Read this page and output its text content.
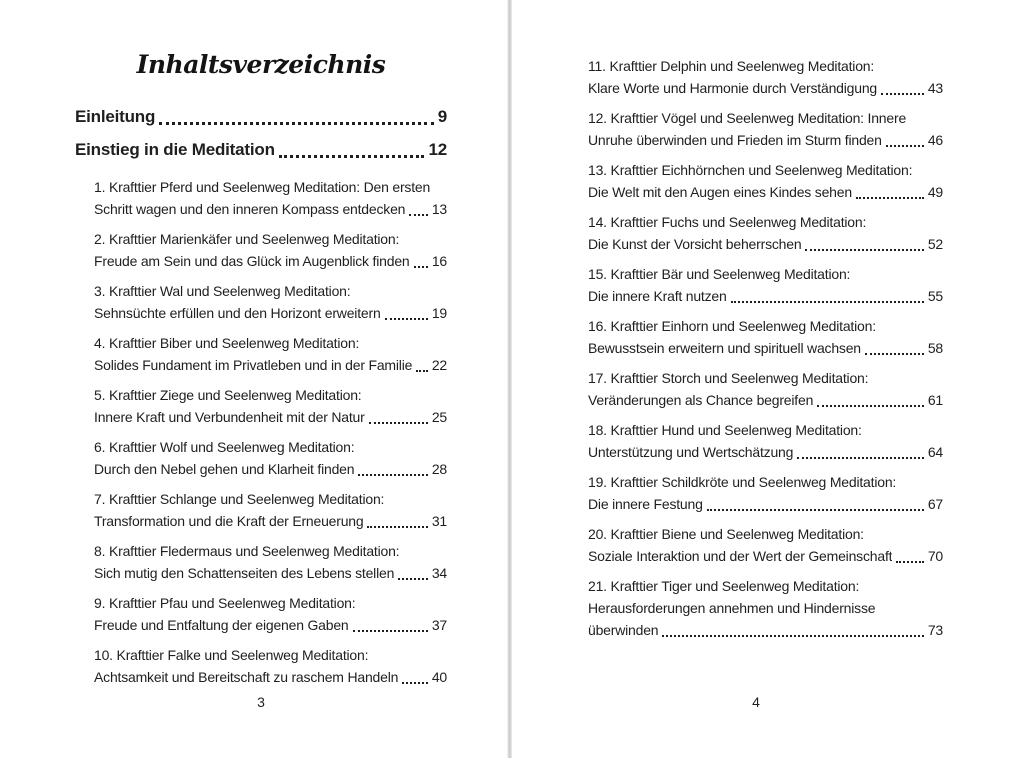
Inhaltsverzeichnis
Einleitung	9
Einstieg in die Meditation	12
1. Krafttier Pferd und Seelenweg Meditation: Den ersten
Schritt wagen und den inneren Kompass entdecken 13
2. Krafttier Marienkäfer und Seelenweg Meditation:
Freude am Sein und das Glück im Augenblick finden 16
3. Krafttier Wal und Seelenweg Meditation:
Sehnsüchte erfüllen und den Horizont erweitern	19
4. Krafttier Biber und Seelenweg Meditation:
Solides Fundament im Privatleben und in der Familie 22
5. Krafttier Ziege und Seelenweg Meditation:
Innere Kraft und Verbundenheit mit der Natur	25
6. Krafttier Wolf und Seelenweg Meditation:
Durch den Nebel gehen und Klarheit finden	28
7. Krafttier Schlange und Seelenweg Meditation:
Transformation und die Kraft der Erneuerung	31
8. Krafttier Fledermaus und Seelenweg Meditation:
Sich mutig den Schattenseiten des Lebens stellen	34
9. Krafttier Pfau und Seelenweg Meditation:
Freude und Entfaltung der eigenen Gaben	37
10. Krafttier Falke und Seelenweg Meditation:
Achtsamkeit und Bereitschaft zu raschem Handeln 40
3
11. Krafttier Delphin und Seelenweg Meditation:
Klare Worte und Harmonie durch Verständigung	43
12. Krafttier Vögel und Seelenweg Meditation: Innere
Unruhe überwinden und Frieden im Sturm finden	46
13. Krafttier Eichhörnchen und Seelenweg Meditation:
Die Welt mit den Augen eines Kindes sehen	49
14. Krafttier Fuchs und Seelenweg Meditation:
Die Kunst der Vorsicht beherrschen	52
15. Krafttier Bär und Seelenweg Meditation:
Die innere Kraft nutzen	55
16. Krafttier Einhorn und Seelenweg Meditation:
Bewusstsein erweitern und spirituell wachsen	58
17. Krafttier Storch und Seelenweg Meditation:
Veränderungen als Chance begreifen	61
18. Krafttier Hund und Seelenweg Meditation:
Unterstützung und Wertschätzung	64
19. Krafttier Schildkröte und Seelenweg Meditation:
Die innere Festung	67
20. Krafttier Biene und Seelenweg Meditation:
Soziale Interaktion und der Wert der Gemeinschaft	70
21. Krafttier Tiger und Seelenweg Meditation:
Herausforderungen annehmen und Hindernisse
überwinden	73
4
